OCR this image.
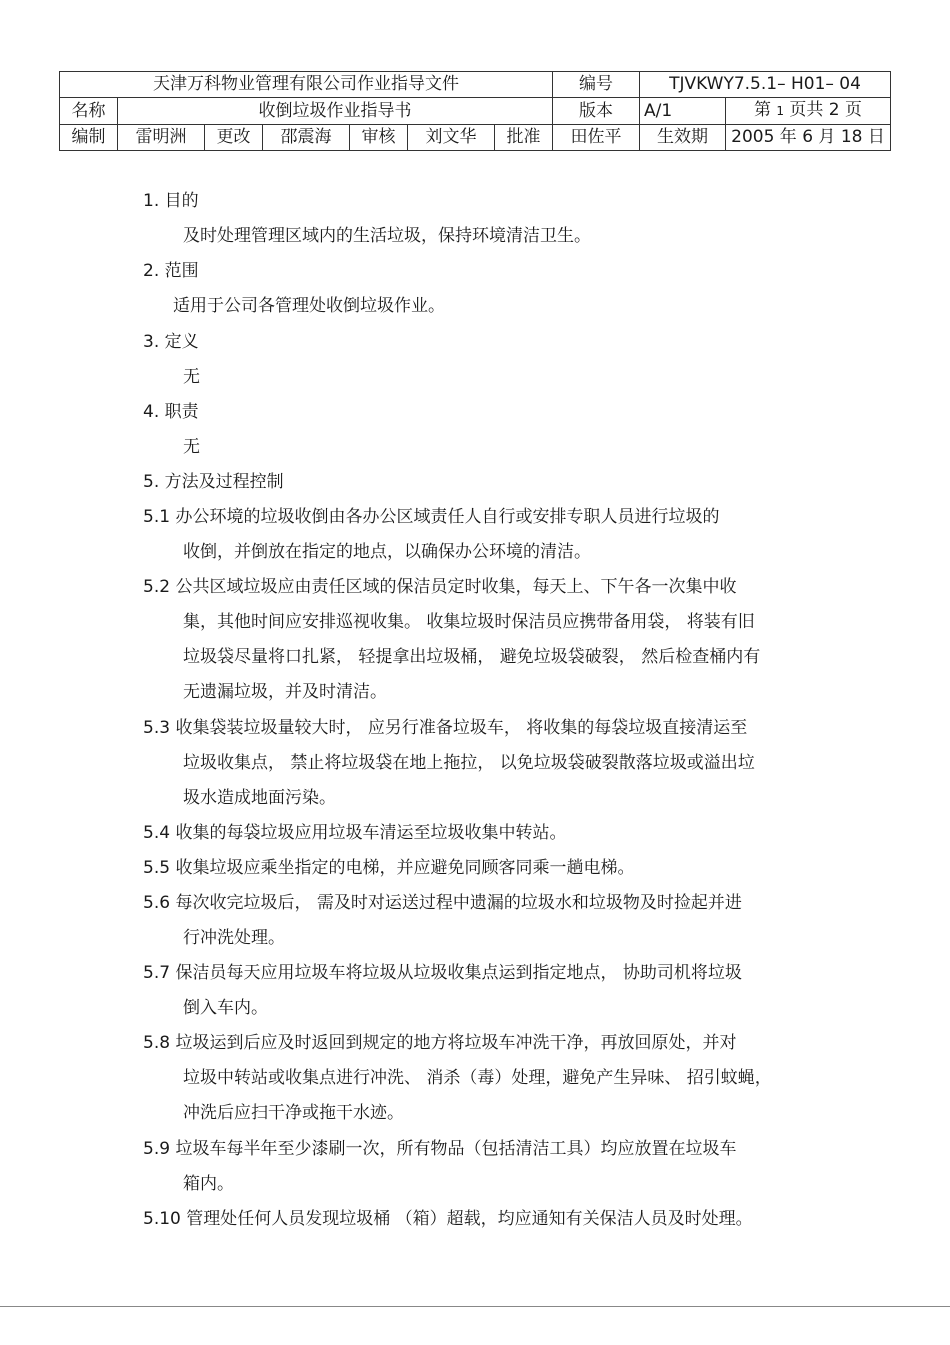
天津万科物业管理有限公司作业指导文件							编号	TJVKWY7.5.1– H01– 04	
名称	收倒垃圾作业指导书						版本	A/1	第 1 页共 2 页
编制	雷明洲	更改	邵震海	审核	刘文华	批准	田佐平	生效期	2005 年 6 月 18 日
1. 目的
及时处理管理区域内的生活垃圾，保持环境清洁卫生。
2. 范围
适用于公司各管理处收倒垃圾作业。
3. 定义
无
4. 职责
无
5. 方法及过程控制
5.1 办公环境的垃圾收倒由各办公区域责任人自行或安排专职人员进行垃圾的
收倒，并倒放在指定的地点，以确保办公环境的清洁。
5.2 公共区域垃圾应由责任区域的保洁员定时收集，每天上、下午各一次集中收
集，其他时间应安排巡视收集。 收集垃圾时保洁员应携带备用袋， 将装有旧
垃圾袋尽量将口扎紧， 轻提拿出垃圾桶， 避免垃圾袋破裂， 然后检查桶内有
无遗漏垃圾，并及时清洁。
5.3 收集袋装垃圾量较大时， 应另行准备垃圾车， 将收集的每袋垃圾直接清运至
垃圾收集点， 禁止将垃圾袋在地上拖拉， 以免垃圾袋破裂散落垃圾或溢出垃
圾水造成地面污染。
5.4 收集的每袋垃圾应用垃圾车清运至垃圾收集中转站。
5.5 收集垃圾应乘坐指定的电梯，并应避免同顾客同乘一趟电梯。
5.6 每次收完垃圾后， 需及时对运送过程中遗漏的垃圾水和垃圾物及时捡起并进
行冲洗处理。
5.7 保洁员每天应用垃圾车将垃圾从垃圾收集点运到指定地点， 协助司机将垃圾
倒入车内。
5.8 垃圾运到后应及时返回到规定的地方将垃圾车冲洗干净，再放回原处，并对
垃圾中转站或收集点进行冲洗、 消杀（毒）处理，避免产生异味、 招引蚊蝇，
冲洗后应扫干净或拖干水迹。
5.9 垃圾车每半年至少漆刷一次，所有物品（包括清洁工具）均应放置在垃圾车
箱内。
5.10 管理处任何人员发现垃圾桶 （箱）超载，均应通知有关保洁人员及时处理。
